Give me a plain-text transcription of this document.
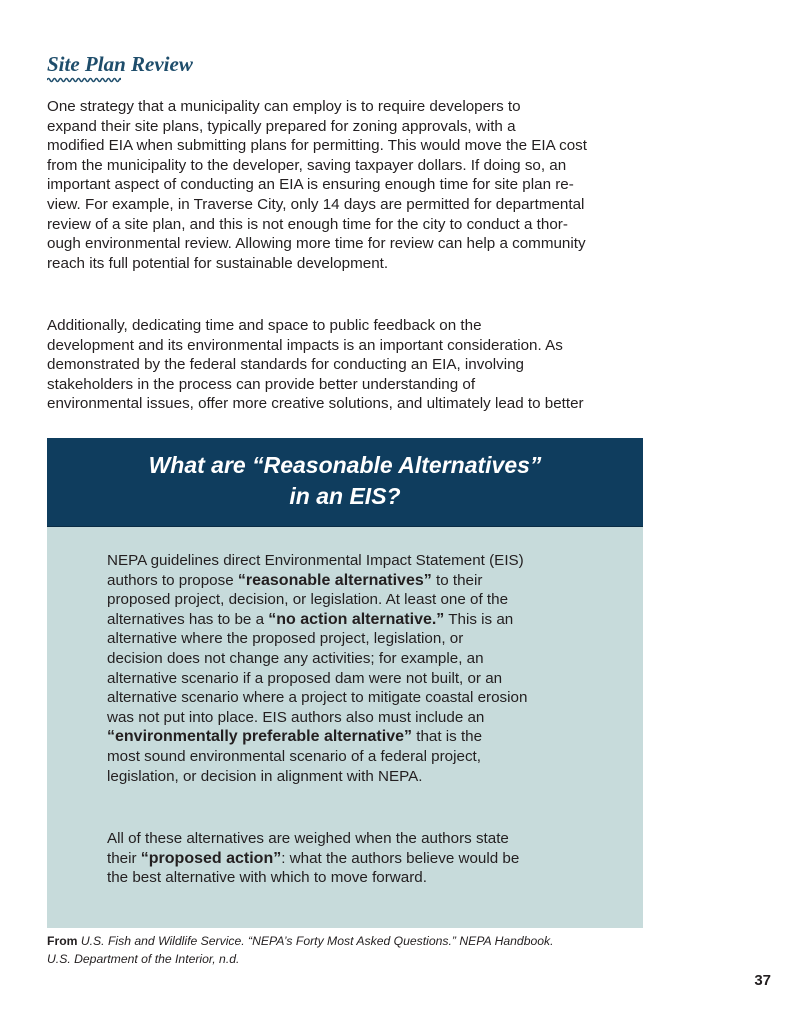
Site Plan Review

One strategy that a municipality can employ is to require developers to
expand their site plans, typically prepared for zoning approvals, with a
modified EIA when submitting plans for permitting. This would move the EIA cost
from the municipality to the developer, saving taxpayer dollars. If doing so, an
important aspect of conducting an EIA is ensuring enough time for site plan re-
view. For example, in Traverse City, only 14 days are permitted for departmental
review of a site plan, and this is not enough time for the city to conduct a thor-
ough environmental review. Allowing more time for review can help a community
reach its full potential for sustainable development.

Additionally, dedicating time and space to public feedback on the
development and its environmental impacts is an important consideration. As
demonstrated by the federal standards for conducting an EIA, involving
stakeholders in the process can provide better understanding of
environmental issues, offer more creative solutions, and ultimately lead to better

What are “Reasonable Alternatives”
in an EIS?

NEPA guidelines direct Environmental Impact Statement (EIS)
authors to propose “reasonable alternatives” to their
proposed project, decision, or legislation. At least one of the
alternatives has to be a “no action alternative.” This is an
alternative where the proposed project, legislation, or
decision does not change any activities; for example, an
alternative scenario if a proposed dam were not built, or an
alternative scenario where a project to mitigate coastal erosion
was not put into place. EIS authors also must include an
“environmentally preferable alternative” that is the
most sound environmental scenario of a federal project,
legislation, or decision in alignment with NEPA.

All of these alternatives are weighed when the authors state
their “proposed action”: what the authors believe would be
the best alternative with which to move forward.

From U.S. Fish and Wildlife Service. “NEPA’s Forty Most Asked Questions.” NEPA Handbook.
U.S. Department of the Interior, n.d.

37
